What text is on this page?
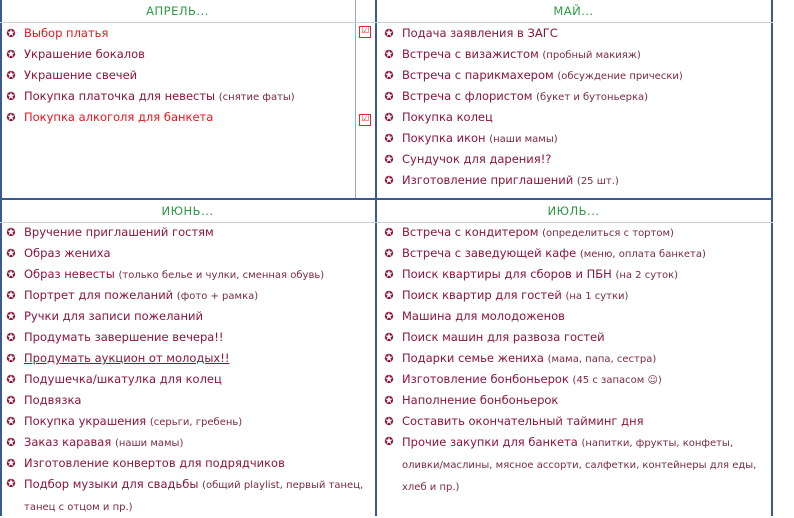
АПРЕЛЬ...	МАЙ...
ИЮНЬ...	ИЮЛЬ...
☑
☑
✪ Выбор платья
✪ Украшение бокалов
✪ Украшение свечей
✪ Покупка платочка для невесты (снятие фаты)
✪ Покупка алкоголя для банкета
✪ Подача заявления в ЗАГС
✪ Встреча с визажистом (пробный макияж)
✪ Встреча с парикмахером (обсуждение прически)
✪ Встреча с флористом (букет и бутоньерка)
✪ Покупка колец
✪ Покупка икон (наши мамы)
✪ Сундучок для дарения!?
✪ Изготовление приглашений (25 шт.)
✪ Вручение приглашений гостям
✪ Образ жениха
✪ Образ невесты (только белье и чулки, сменная обувь)
✪ Портрет для пожеланий (фото + рамка)
✪ Ручки для записи пожеланий
✪ Продумать завершение вечера!!
✪ Продумать аукцион от молодых!!
✪ Подушечка/шкатулка для колец
✪ Подвязка
✪ Покупка украшения (серьги, гребень)
✪ Заказ каравая (наши мамы)
✪ Изготовление конвертов для подрядчиков
✪ Подбор музыки для свадьбы (общий playlist, первый танец, танец с отцом и пр.)
✪ Встреча с кондитером (определиться с тортом)
✪ Встреча с заведующей кафе (меню, оплата банкета)
✪ Поиск квартиры для сборов и ПБН (на 2 суток)
✪ Поиск квартир для гостей (на 1 сутки)
✪ Машина для молодоженов
✪ Поиск машин для развоза гостей
✪ Подарки семье жениха (мама, папа, сестра)
✪ Изготовление бонбоньерок (45 с запасом ☺)
✪ Наполнение бонбоньерок
✪ Составить окончательный тайминг дня
✪ Прочие закупки для банкета (напитки, фрукты, конфеты, оливки/маслины, мясное ассорти, салфетки, контейнеры для еды, хлеб и пр.)
